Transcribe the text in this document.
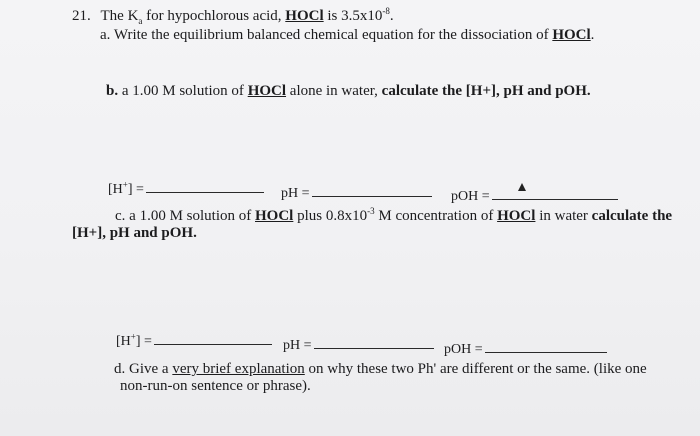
21. The $K_a$ for hypochlorous acid, HOCl is $3.5x10^{-8}$.
a. Write the equilibrium balanced chemical equation for the dissociation of HOCl.
b. a 1.00 M solution of HOCl alone in water, calculate the [H+], pH and pOH.
[H+] =	pH =	pOH =
c. a 1.00 M solution of HOCl plus $0.8x10^{-3}$ M concentration of HOCl in water calculate the
[H+], pH and pOH.
[H+] =	pH =	pOH =
d. Give a very brief explanation on why these two Ph' are different or the same. (like one
non-run-on sentence or phrase).
